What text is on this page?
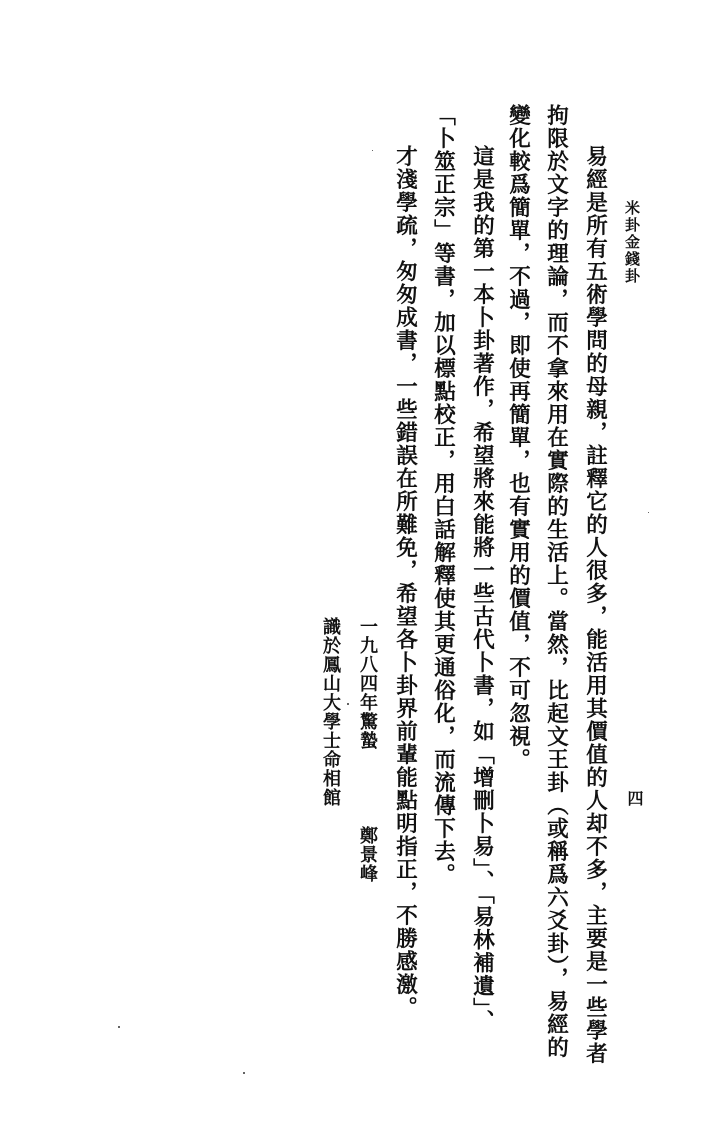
米卦金錢卦
四
易經是所有五術學問的母親，註釋它的人很多，能活用其價值的人却不多，主要是一些學者
拘限於文字的理論，而不拿來用在實際的生活上。當然，比起文王卦（或稱爲六爻卦），易經的
變化較爲簡單，不過，即使再簡單，也有實用的價值，不可忽視。
這是我的第一本卜卦著作，希望將來能將一些古代卜書，如「增刪卜易」、「易林補遺」、
「卜筮正宗」等書，加以標點校正，用白話解釋使其更通俗化，而流傳下去。
才淺學疏，匆匆成書，一些錯誤在所難免，希望各卜卦界前輩能點明指正，不勝感激。
一九八四年驚蟄
鄭景峰
識於鳳山大學士命相館
